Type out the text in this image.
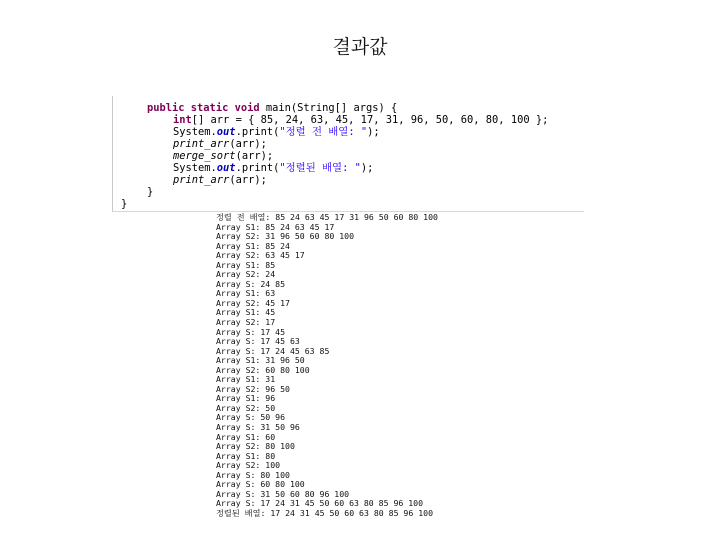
결과값
public static void main(String[] args) {
int[] arr = { 85, 24, 63, 45, 17, 31, 96, 50, 60, 80, 100 };
System.out.print("정렬 전 배열: ");
print_arr(arr);
merge_sort(arr);
System.out.print("정렬된 배열: ");
print_arr(arr);
}
}
정렬 전 배열: 85 24 63 45 17 31 96 50 60 80 100
Array S1: 85 24 63 45 17
Array S2: 31 96 50 60 80 100
Array S1: 85 24
Array S2: 63 45 17
Array S1: 85
Array S2: 24
Array S: 24 85
Array S1: 63
Array S2: 45 17
Array S1: 45
Array S2: 17
Array S: 17 45
Array S: 17 45 63
Array S: 17 24 45 63 85
Array S1: 31 96 50
Array S2: 60 80 100
Array S1: 31
Array S2: 96 50
Array S1: 96
Array S2: 50
Array S: 50 96
Array S: 31 50 96
Array S1: 60
Array S2: 80 100
Array S1: 80
Array S2: 100
Array S: 80 100
Array S: 60 80 100
Array S: 31 50 60 80 96 100
Array S: 17 24 31 45 50 60 63 80 85 96 100
정렬된 배열: 17 24 31 45 50 60 63 80 85 96 100
